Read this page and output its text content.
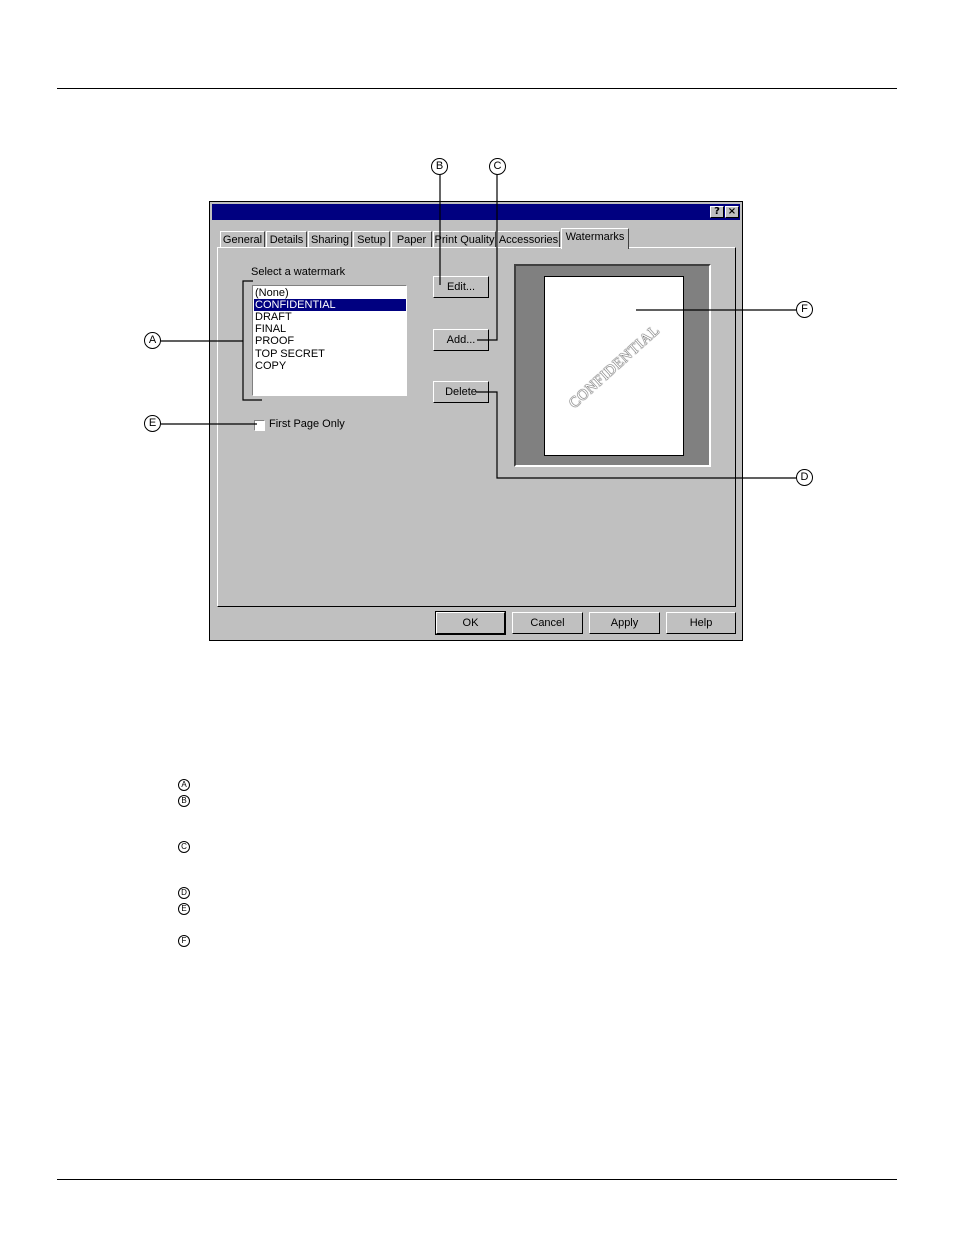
? ×
General Details Sharing Setup Paper Print Quality Accessories Watermarks
Select a watermark
(None)
CONFIDENTIAL
DRAFT
FINAL
PROOF
TOP SECRET
COPY
Edit...
Add...
Delete
First Page Only
CONFIDENTIAL
OK	Cancel	Apply	Help
A
B	C
D
E
F
A
B
C
D
E
F
